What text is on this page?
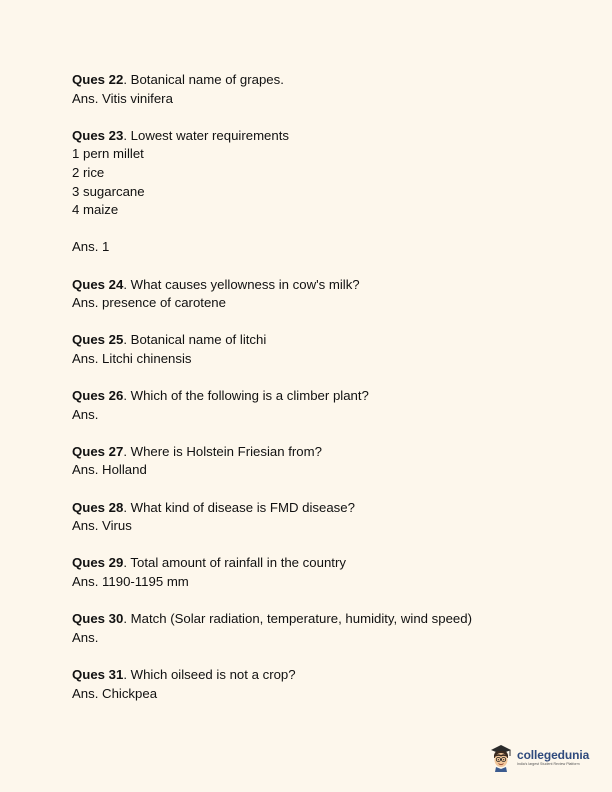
Ques 22. Botanical name of grapes.
Ans. Vitis vinifera
Ques 23. Lowest water requirements
1 pern millet
2 rice
3 sugarcane
4 maize
Ans. 1
Ques 24. What causes yellowness in cow's milk?
Ans. presence of carotene
Ques 25. Botanical name of litchi
Ans. Litchi chinensis
Ques 26. Which of the following is a climber plant?
Ans.
Ques 27. Where is Holstein Friesian from?
Ans. Holland
Ques 28. What kind of disease is FMD disease?
Ans. Virus
Ques 29. Total amount of rainfall in the country
Ans. 1190-1195 mm
Ques 30. Match (Solar radiation, temperature, humidity, wind speed)
Ans.
Ques 31. Which oilseed is not a crop?
Ans. Chickpea
collegedunia
India's largest Student Review Platform
